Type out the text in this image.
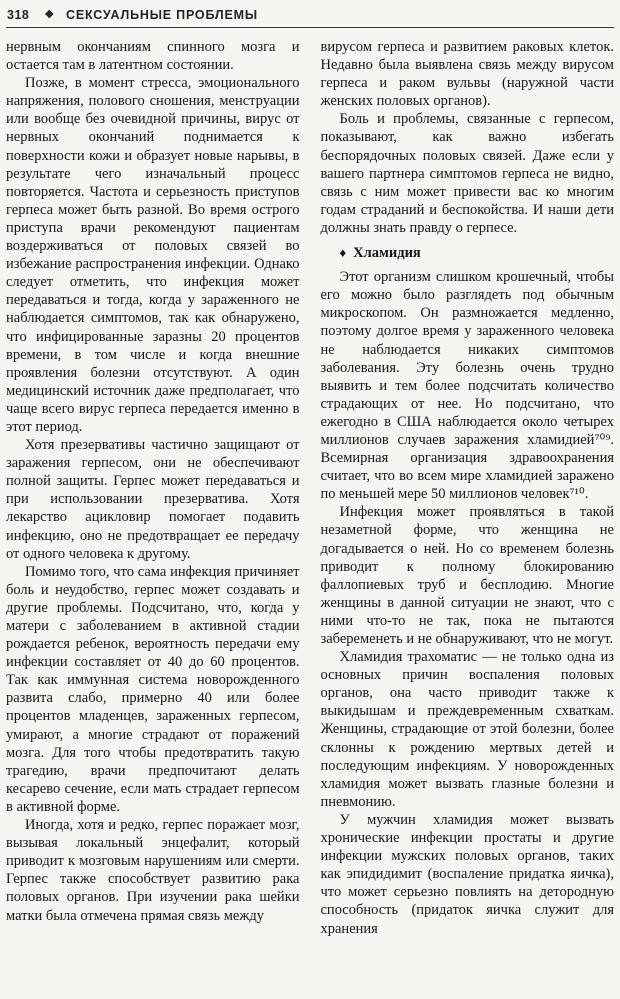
318 ❖ СЕКСУАЛЬНЫЕ ПРОБЛЕМЫ

нервным окончаниям спинного мозга и остается там в латентном состоянии.

Позже, в момент стресса, эмоционального напряжения, полового сношения, менструации или вообще без очевидной причины, вирус от нервных окончаний поднимается к поверхности кожи и образует новые нарывы, в результате чего изначальный процесс повторяется. Частота и серьезность приступов герпеса может быть разной. Во время острого приступа врачи рекомендуют пациентам воздерживаться от половых связей во избежание распространения инфекции. Однако следует отметить, что инфекция может передаваться и тогда, когда у зараженного не наблюдается симптомов, так как обнаружено, что инфицированные заразны 20 процентов времени, в том числе и когда внешние проявления болезни отсутствуют. А один медицинский источник даже предполагает, что чаще всего вирус герпеса передается именно в этот период.

Хотя презервативы частично защищают от заражения герпесом, они не обеспечивают полной защиты. Герпес может передаваться и при использовании презерватива. Хотя лекарство ацикловир помогает подавить инфекцию, оно не предотвращает ее передачу от одного человека к другому.

Помимо того, что сама инфекция причиняет боль и неудобство, герпес может создавать и другие проблемы. Подсчитано, что, когда у матери с заболеванием в активной стадии рождается ребенок, вероятность передачи ему инфекции составляет от 40 до 60 процентов. Так как иммунная система новорожденного развита слабо, примерно 40 или более процентов младенцев, зараженных герпесом, умирают, а многие страдают от поражений мозга. Для того чтобы предотвратить такую трагедию, врачи предпочитают делать кесарево сечение, если мать страдает герпесом в активной форме.

Иногда, хотя и редко, герпес поражает мозг, вызывая локальный энцефалит, который приводит к мозговым нарушениям или смерти. Герпес также способствует развитию рака половых органов. При изучении рака шейки матки была отмечена прямая связь между

вирусом герпеса и развитием раковых клеток. Недавно была выявлена связь между вирусом герпеса и раком вульвы (наружной части женских половых органов).

Боль и проблемы, связанные с герпесом, показывают, как важно избегать беспорядочных половых связей. Даже если у вашего партнера симптомов герпеса не видно, связь с ним может привести вас ко многим годам страданий и беспокойства. И наши дети должны знать правду о герпесе.

♦ Хламидия

Этот организм слишком крошечный, чтобы его можно было разглядеть под обычным микроскопом. Он размножается медленно, поэтому долгое время у зараженного человека не наблюдается никаких симптомов заболевания. Эту болезнь очень трудно выявить и тем более подсчитать количество страдающих от нее. Но подсчитано, что ежегодно в США наблюдается около четырех миллионов случаев заражения хламидией⁷⁰⁹. Всемирная организация здравоохранения считает, что во всем мире хламидией заражено по меньшей мере 50 миллионов человек⁷¹⁰.

Инфекция может проявляться в такой незаметной форме, что женщина не догадывается о ней. Но со временем болезнь приводит к полному блокированию фаллопиевых труб и бесплодию. Многие женщины в данной ситуации не знают, что с ними что-то не так, пока не пытаются забеременеть и не обнаруживают, что не могут.

Хламидия трахоматис — не только одна из основных причин воспаления половых органов, она часто приводит также к выкидышам и преждевременным схваткам. Женщины, страдающие от этой болезни, более склонны к рождению мертвых детей и последующим инфекциям. У новорожденных хламидия может вызвать глазные болезни и пневмонию.

У мужчин хламидия может вызвать хронические инфекции простаты и другие инфекции мужских половых органов, таких как эпидидимит (воспаление придатка яичка), что может серьезно повлиять на детородную способность (придаток яичка служит для хранения
